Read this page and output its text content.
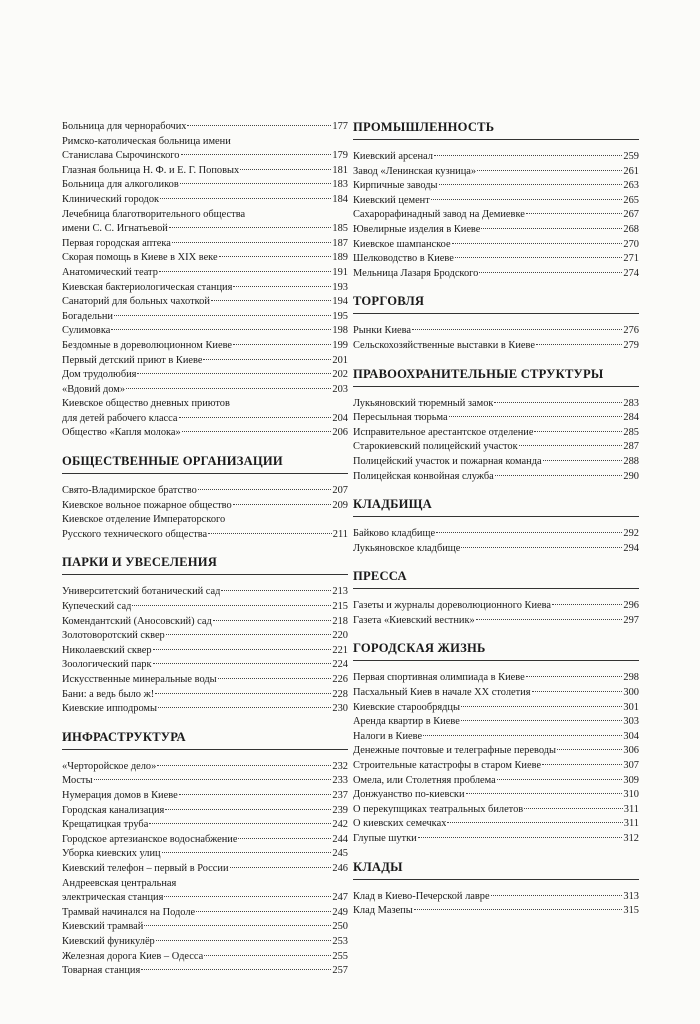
Больница для чернорабочих	177
Римско-католическая больница имени
Станислава Сырочинского	179
Глазная больница Н. Ф. и Е. Г. Поповых	181
Больница для алкоголиков	183
Клинический городок	184
Лечебница благотворительного общества
имени С. С. Игнатьевой	185
Первая городская аптека	187
Скорая помощь в Киеве в XIX веке	189
Анатомический театр	191
Киевская бактериологическая станция	193
Санаторий для больных чахоткой	194
Богадельни	195
Сулимовка	198
Бездомные в дореволюционном Киеве	199
Первый детский приют в Киеве	201
Дом трудолюбия	202
«Вдовий дом»	203
Киевское общество дневных приютов
для детей рабочего класса	204
Общество «Капля молока»	206
ОБЩЕСТВЕННЫЕ ОРГАНИЗАЦИИ
Свято-Владимирское братство	207
Киевское вольное пожарное общество	209
Киевское отделение Императорского
Русского технического общества	211
ПАРКИ И УВЕСЕЛЕНИЯ
Университетский ботанический сад	213
Купеческий сад	215
Комендантский (Аносовский) сад	218
Золотоворотский сквер	220
Николаевский сквер	221
Зоологический парк	224
Искусственные минеральные воды	226
Бани: а ведь было ж!	228
Киевские ипподромы	230
ИНФРАСТРУКТУРА
«Черторойское дело»	232
Мосты	233
Нумерация домов в Киеве	237
Городская канализация	239
Крещатицкая труба	242
Городское артезианское водоснабжение	244
Уборка киевских улиц	245
Киевский телефон – первый в России	246
Андреевская центральная
электрическая станция	247
Трамвай начинался на Подоле	249
Киевский трамвай	250
Киевский фуникулёр	253
Железная дорога Киев – Одесса	255
Товарная станция	257
ПРОМЫШЛЕННОСТЬ
Киевский арсенал	259
Завод «Ленинская кузница»	261
Кирпичные заводы	263
Киевский цемент	265
Сахарорафинадный завод на Демиевке	267
Ювелирные изделия в Киеве	268
Киевское шампанское	270
Шелководство в Киеве	271
Мельница Лазаря Бродского	274
ТОРГОВЛЯ
Рынки Киева	276
Сельскохозяйственные выставки в Киеве	279
ПРАВООХРАНИТЕЛЬНЫЕ СТРУКТУРЫ
Лукьяновский тюремный замок	283
Пересыльная тюрьма	284
Исправительное арестантское отделение	285
Старокиевский полицейский участок	287
Полицейский участок и пожарная команда	288
Полицейская конвойная служба	290
КЛАДБИЩА
Байково кладбище	292
Лукьяновское кладбище	294
ПРЕССА
Газеты и журналы дореволюционного Киева	296
Газета «Киевский вестник»	297
ГОРОДСКАЯ ЖИЗНЬ
Первая спортивная олимпиада в Киеве	298
Пасхальный Киев в начале XX столетия	300
Киевские старообрядцы	301
Аренда квартир в Киеве	303
Налоги в Киеве	304
Денежные почтовые и телеграфные переводы	306
Строительные катастрофы в старом Киеве	307
Омела, или Столетняя проблема	309
Донжуанство по-киевски	310
О перекупщиках театральных билетов	311
О киевских семечках	311
Глупые шутки	312
КЛАДЫ
Клад в Киево-Печерской лавре	313
Клад Мазепы	315
